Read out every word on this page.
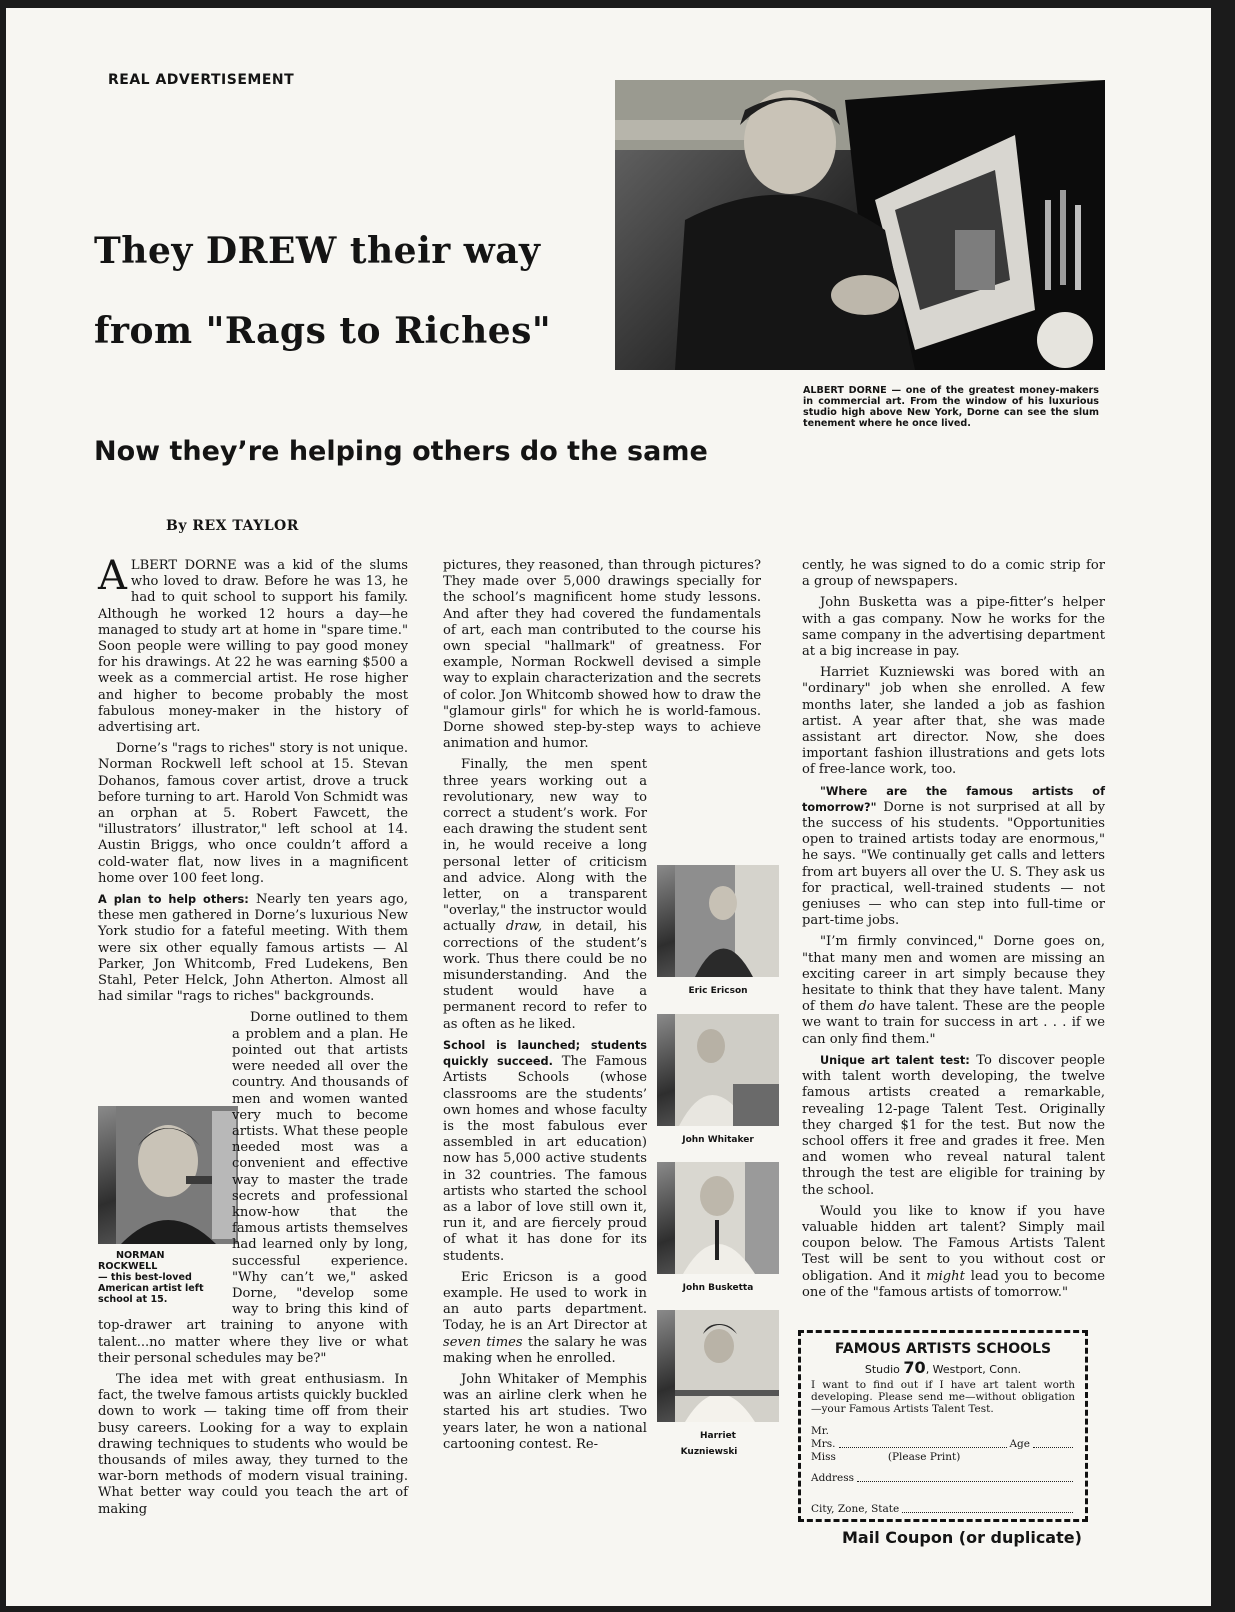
REAL ADVERTISEMENT
They DREW their way
from "Rags to Riches"
ALBERT DORNE — one of the greatest money-makers in commercial art. From the window of his luxurious studio high above New York, Dorne can see the slum tenement where he once lived.
Now they’re helping others do the same
By REX TAYLOR

ALBERT DORNE was a kid of the slums who loved to draw. Before he was 13, he had to quit school to support his family. Although he worked 12 hours a day—he managed to study art at home in "spare time." Soon people were willing to pay good money for his drawings. At 22 he was earning $500 a week as a commercial artist. He rose higher and higher to become probably the most fabulous money-maker in the history of advertising art.

Dorne’s "rags to riches" story is not unique. Norman Rockwell left school at 15. Stevan Dohanos, famous cover artist, drove a truck before turning to art. Harold Von Schmidt was an orphan at 5. Robert Fawcett, the "illustrators’ illustrator," left school at 14. Austin Briggs, who once couldn’t afford a cold-water flat, now lives in a magnificent home over 100 feet long.

A plan to help others: Nearly ten years ago, these men gathered in Dorne’s luxurious New York studio for a fateful meeting. With them were six other equally famous artists — Al Parker, Jon Whitcomb, Fred Ludekens, Ben Stahl, Peter Helck, John Atherton. Almost all had similar "rags to riches" backgrounds.

NORMAN ROCKWELL
— this best-loved American artist left school at 15.
Dorne outlined to them a problem and a plan. He pointed out that artists were needed all over the country. And thousands of men and women wanted very much to become artists. What these people needed most was a convenient and effective way to master the trade secrets and professional know-how that the famous artists themselves had learned only by long, successful experience. "Why can’t we," asked Dorne, "develop some way to bring this kind of top-drawer art training to anyone with talent...no matter where they live or what their personal schedules may be?"

The idea met with great enthusiasm. In fact, the twelve famous artists quickly buckled down to work — taking time off from their busy careers. Looking for a way to explain drawing techniques to students who would be thousands of miles away, they turned to the war-born methods of modern visual training. What better way could you teach the art of making

pictures, they reasoned, than through pictures? They made over 5,000 drawings specially for the school’s magnificent home study lessons. And after they had covered the fundamentals of art, each man contributed to the course his own special "hallmark" of greatness. For example, Norman Rockwell devised a simple way to explain characterization and the secrets of color. Jon Whitcomb showed how to draw the "glamour girls" for which he is world-famous. Dorne showed step-by-step ways to achieve animation and humor.

Eric Ericson
John Whitaker
John Busketta
Harriet Kuzniewski
Finally, the men spent three years working out a revolutionary, new way to correct a student’s work. For each drawing the student sent in, he would receive a long personal letter of criticism and advice. Along with the letter, on a transparent "overlay," the instructor would actually draw, in detail, his corrections of the student’s work. Thus there could be no misunderstanding. And the student would have a permanent record to refer to as often as he liked.

School is launched; students quickly succeed. The Famous Artists Schools (whose classrooms are the students’ own homes and whose faculty is the most fabulous ever assembled in art education) now has 5,000 active students in 32 countries. The famous artists who started the school as a labor of love still own it, run it, and are fiercely proud of what it has done for its students.

Eric Ericson is a good example. He used to work in an auto parts department. Today, he is an Art Director at seven times the salary he was making when he enrolled.

John Whitaker of Memphis was an airline clerk when he started his art studies. Two years later, he won a national cartooning contest. Re-

cently, he was signed to do a comic strip for a group of newspapers.

John Busketta was a pipe-fitter’s helper with a gas company. Now he works for the same company in the advertising department at a big increase in pay.

Harriet Kuzniewski was bored with an "ordinary" job when she enrolled. A few months later, she landed a job as fashion artist. A year after that, she was made assistant art director. Now, she does important fashion illustrations and gets lots of free-lance work, too.

"Where are the famous artists of tomorrow?" Dorne is not surprised at all by the success of his students. "Opportunities open to trained artists today are enormous," he says. "We continually get calls and letters from art buyers all over the U. S. They ask us for practical, well-trained students — not geniuses — who can step into full-time or part-time jobs.

"I’m firmly convinced," Dorne goes on, "that many men and women are missing an exciting career in art simply because they hesitate to think that they have talent. Many of them do have talent. These are the people we want to train for success in art . . . if we can only find them."

Unique art talent test: To discover people with talent worth developing, the twelve famous artists created a remarkable, revealing 12-page Talent Test. Originally they charged $1 for the test. But now the school offers it free and grades it free. Men and women who reveal natural talent through the test are eligible for training by the school.

Would you like to know if you have valuable hidden art talent? Simply mail coupon below. The Famous Artists Talent Test will be sent to you without cost or obligation. And it might lead you to become one of the "famous artists of tomorrow."

FAMOUS ARTISTS SCHOOLS
Studio 70, Westport, Conn.
I want to find out if I have art talent worth developing. Please send me—without obligation—your Famous Artists Talent Test.
Mr.
Mrs.	Age
Miss	(Please Print)
Address
City, Zone, State
Mail Coupon (or duplicate)
